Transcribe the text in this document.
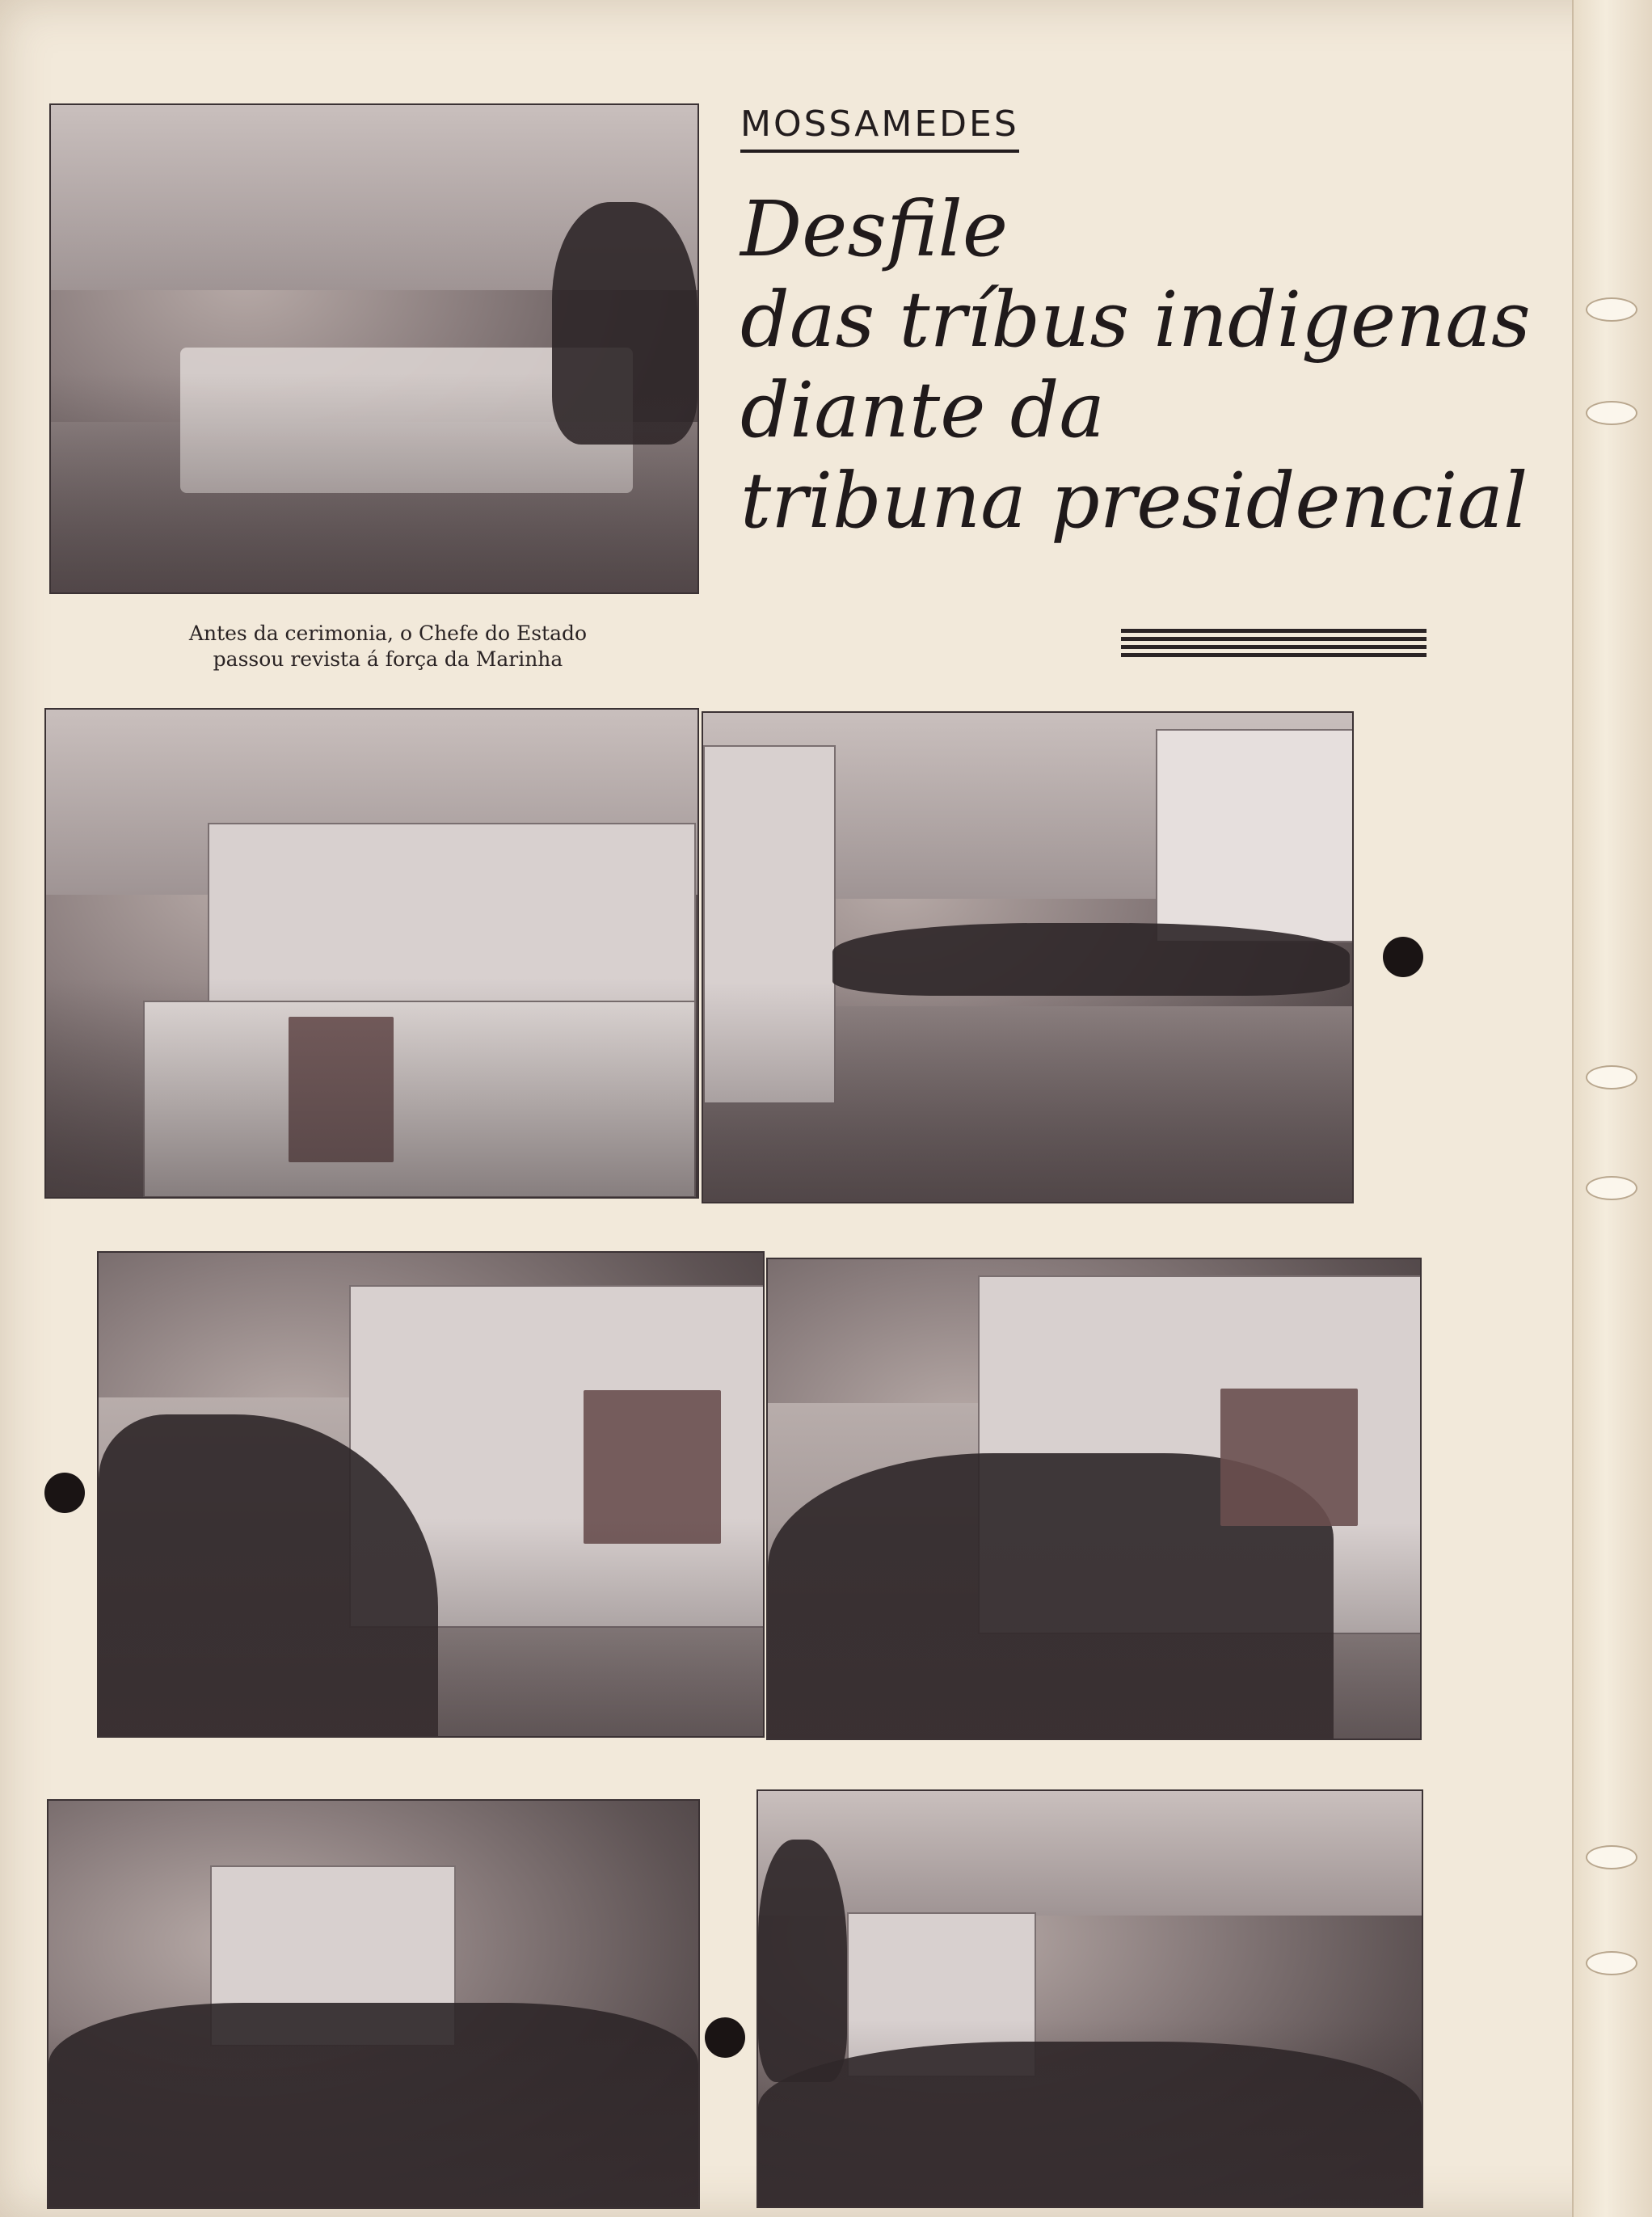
MOSSAMEDES
Desfile
das tríbus indigenas
diante da
tribuna presidencial
Antes da cerimonia, o Chefe do Estado
passou revista á força da Marinha
